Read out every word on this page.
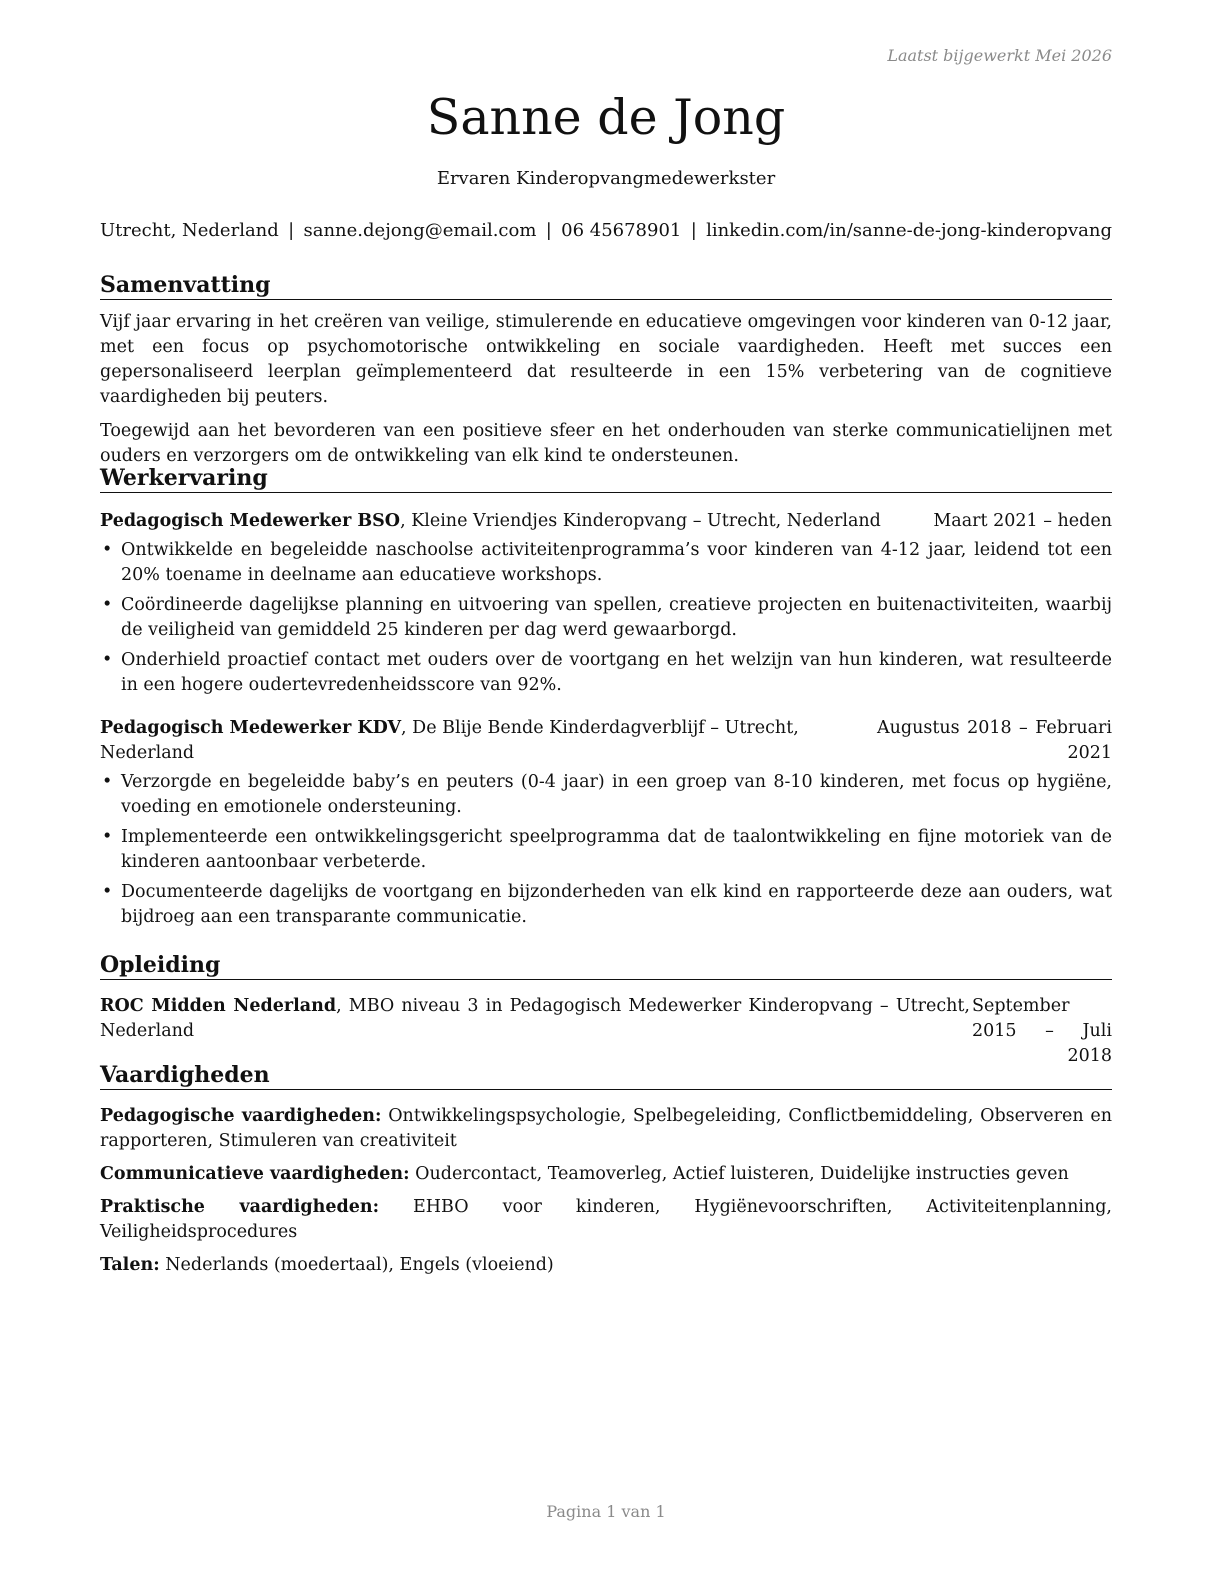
Laatst bijgewerkt Mei 2026
Sanne de Jong
Ervaren Kinderopvangmedewerkster
Utrecht, Nederland | sanne.dejong@email.com | 06 45678901 | linkedin.com/in/sanne-de-jong-kinderopvang
Samenvatting

Vijf jaar ervaring in het creëren van veilige, stimulerende en educatieve omgevingen voor kinderen van 0-12 jaar, met een focus op psychomotorische ontwikkeling en sociale vaardigheden. Heeft met succes een gepersonaliseerd leerplan geïmplementeerd dat resulteerde in een 15% verbetering van de cognitieve vaardigheden bij peuters.

Toegewijd aan het bevorderen van een positieve sfeer en het onderhouden van sterke communicatielijnen met ouders en verzorgers om de ontwikkeling van elk kind te ondersteunen.

Werkervaring
Pedagogisch Medewerker BSO, Kleine Vriendjes Kinderopvang – Utrecht, Nederland	Maart 2021 – heden
• Ontwikkelde en begeleidde naschoolse activiteitenprogramma’s voor kinderen van 4-12 jaar, leidend tot een 20% toename in deelname aan educatieve workshops.
• Coördineerde dagelijkse planning en uitvoering van spellen, creatieve projecten en buitenactiviteiten, waarbij de veiligheid van gemiddeld 25 kinderen per dag werd gewaarborgd.
• Onderhield proactief contact met ouders over de voortgang en het welzijn van hun kinderen, wat resulteerde in een hogere oudertevredenheidsscore van 92%.
Pedagogisch Medewerker KDV, De Blije Bende Kinderdagverblijf – Utrecht, Nederland
Augustus 2018 – Februari 2021
• Verzorgde en begeleidde baby’s en peuters (0-4 jaar) in een groep van 8-10 kinderen, met focus op hygiëne, voeding en emotionele ondersteuning.
• Implementeerde een ontwikkelingsgericht speelprogramma dat de taalontwikkeling en fijne motoriek van de kinderen aantoonbaar verbeterde.
• Documenteerde dagelijks de voortgang en bijzonderheden van elk kind en rapporteerde deze aan ouders, wat bijdroeg aan een transparante communicatie.
Opleiding
ROC Midden Nederland, MBO niveau 3 in Pedagogisch Medewerker Kinderopvang – Utrecht, Nederland
September 2015 – Juli 2018
Vaardigheden
Pedagogische vaardigheden: Ontwikkelingspsychologie, Spelbegeleiding, Conflictbemiddeling, Observeren en rapporteren, Stimuleren van creativiteit
Communicatieve vaardigheden: Oudercontact, Teamoverleg, Actief luisteren, Duidelijke instructies geven
Praktische vaardigheden: EHBO voor kinderen, Hygiënevoorschriften, Activiteitenplanning, Veiligheidsprocedures
Talen: Nederlands (moedertaal), Engels (vloeiend)
Pagina 1 van 1
